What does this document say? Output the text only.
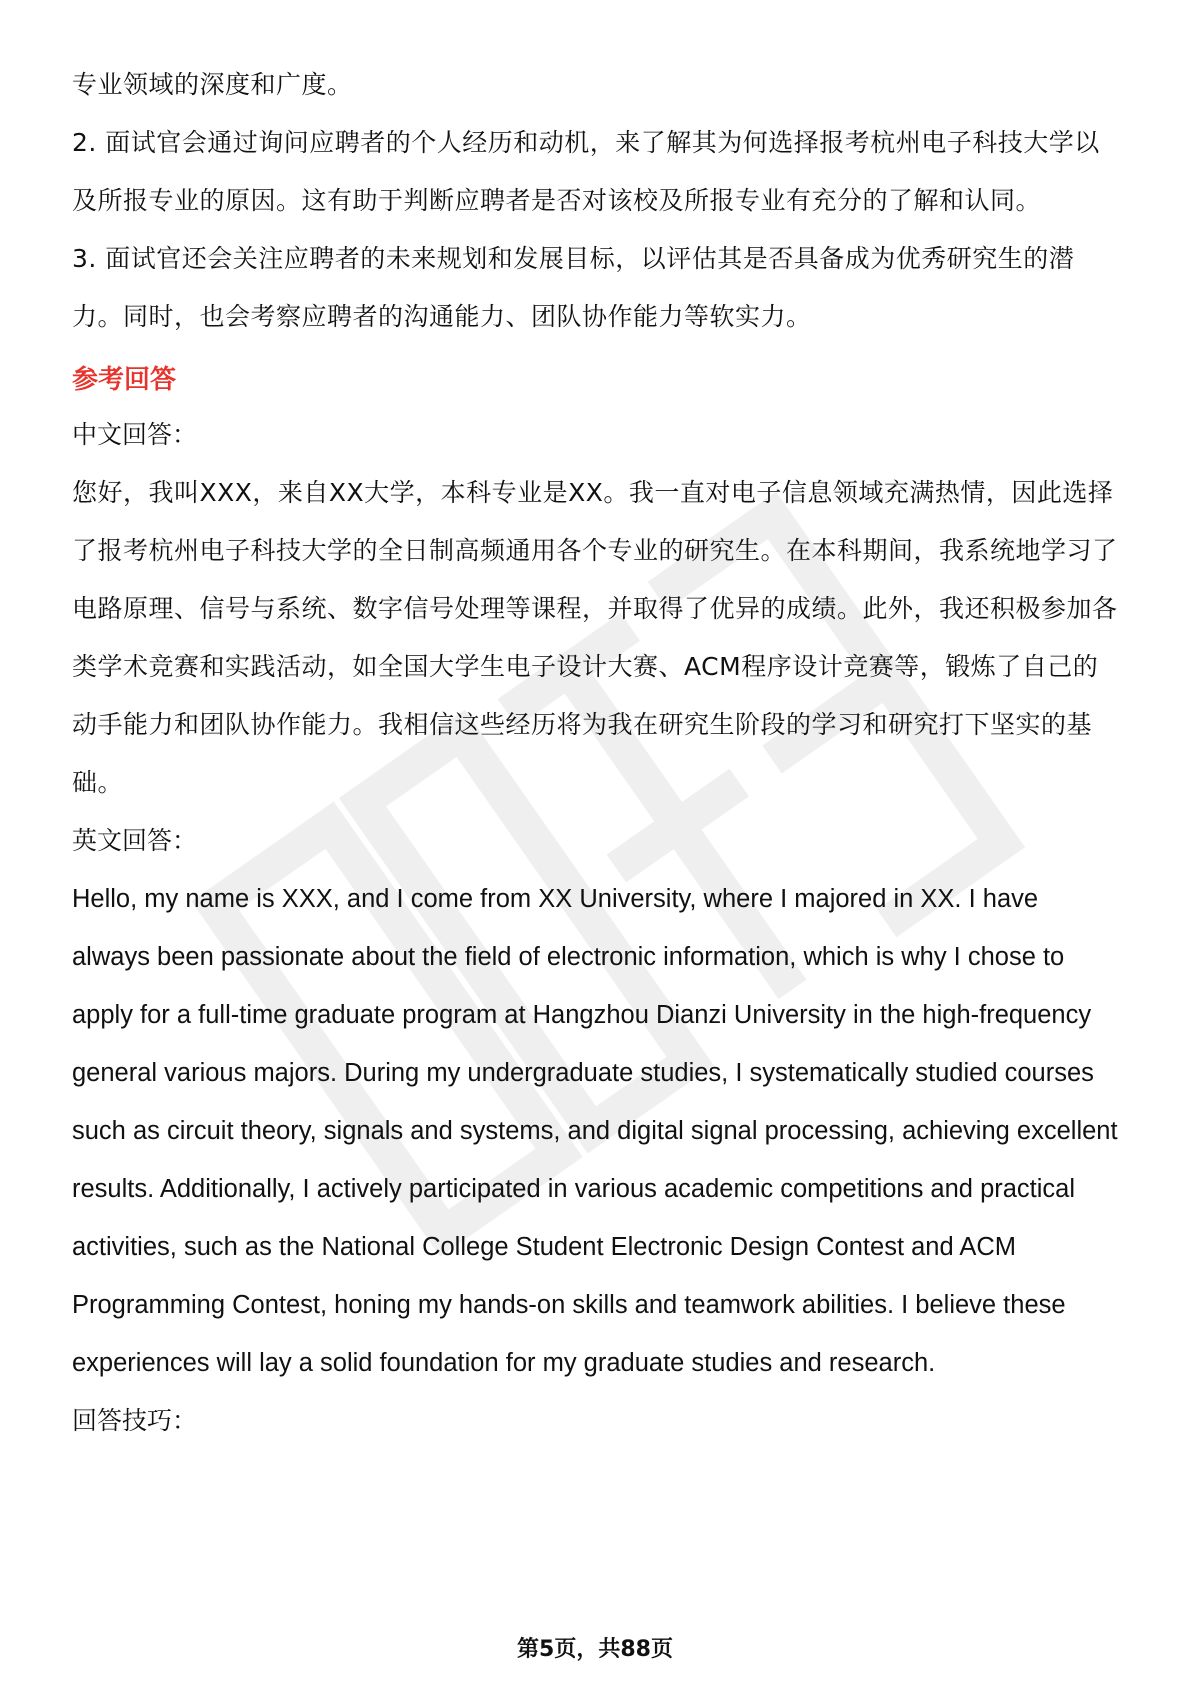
专业领域的深度和广度。

2. 面试官会通过询问应聘者的个人经历和动机，来了解其为何选择报考杭州电子科技大学以及所报专业的原因。这有助于判断应聘者是否对该校及所报专业有充分的了解和认同。

3. 面试官还会关注应聘者的未来规划和发展目标，以评估其是否具备成为优秀研究生的潜力。同时，也会考察应聘者的沟通能力、团队协作能力等软实力。

参考回答
中文回答：

您好，我叫XXX，来自XX大学，本科专业是XX。我一直对电子信息领域充满热情，因此选择了报考杭州电子科技大学的全日制高频通用各个专业的研究生。在本科期间，我系统地学习了电路原理、信号与系统、数字信号处理等课程，并取得了优异的成绩。此外，我还积极参加各类学术竞赛和实践活动，如全国大学生电子设计大赛、ACM程序设计竞赛等，锻炼了自己的动手能力和团队协作能力。我相信这些经历将为我在研究生阶段的学习和研究打下坚实的基础。

英文回答：

Hello, my name is XXX, and I come from XX University, where I majored in XX. I have always been passionate about the field of electronic information, which is why I chose to apply for a full-time graduate program at Hangzhou Dianzi University in the high-frequency general various majors. During my undergraduate studies, I systematically studied courses such as circuit theory, signals and systems, and digital signal processing, achieving excellent results. Additionally, I actively participated in various academic competitions and practical activities, such as the National College Student Electronic Design Contest and ACM Programming Contest, honing my hands-on skills and teamwork abilities. I believe these experiences will lay a solid foundation for my graduate studies and research.

回答技巧：
第5页，共88页
